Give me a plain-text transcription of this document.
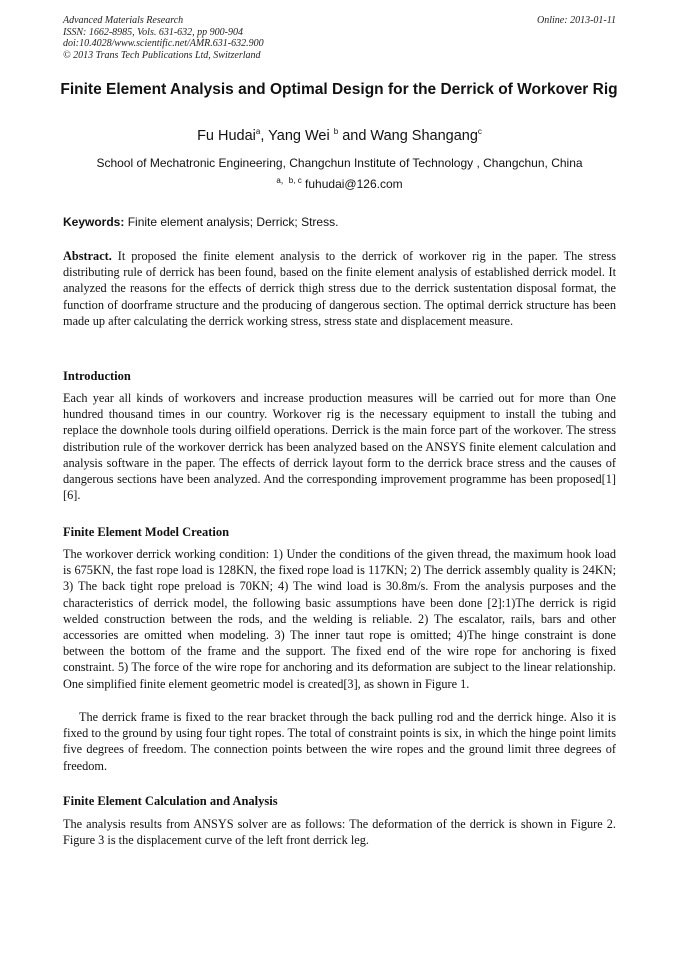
Advanced Materials Research
ISSN: 1662-8985, Vols. 631-632, pp 900-904
doi:10.4028/www.scientific.net/AMR.631-632.900
© 2013 Trans Tech Publications Ltd, Switzerland
Online: 2013-01-11
Finite Element Analysis and Optimal Design for the Derrick of Workover Rig
Fu Hudai$^a$, Yang Wei $^b$ and Wang Shangang$^c$
School of Mechatronic Engineering, Changchun Institute of Technology , Changchun, China
$^{a,b, c}$ fuhudai@126.com
Keywords: Finite element analysis; Derrick; Stress.
Abstract. It proposed the finite element analysis to the derrick of workover rig in the paper. The stress distributing rule of derrick has been found, based on the finite element analysis of established derrick model. It analyzed the reasons for the effects of derrick thigh stress due to the derrick sustentation disposal format, the function of doorframe structure and the producing of dangerous section. The optimal derrick structure has been made up after calculating the derrick working stress, stress state and displacement measure.
Introduction
Each year all kinds of workovers and increase production measures will be carried out for more than One hundred thousand times in our country. Workover rig is the necessary equipment to install the tubing and replace the downhole tools during oilfield operations. Derrick is the main force part of the workover. The stress distribution rule of the workover derrick has been analyzed based on the ANSYS finite element calculation and analysis software in the paper. The effects of derrick layout form to the derrick brace stress and the causes of dangerous sections have been analyzed. And the corresponding improvement programme has been proposed[1][6].
Finite Element Model Creation
The workover derrick working condition: 1) Under the conditions of the given thread, the maximum hook load is 675KN, the fast rope load is 128KN, the fixed rope load is 117KN; 2) The derrick assembly quality is 24KN; 3) The back tight rope preload is 70KN; 4) The wind load is 30.8m/s. From the analysis purposes and the characteristics of derrick model, the following basic assumptions have been done [2]:1)The derrick is rigid welded construction between the rods, and the welding is reliable. 2) The escalator, rails, bars and other accessories are omitted when modeling. 3) The inner taut rope is omitted; 4)The hinge constraint is done between the bottom of the frame and the support. The fixed end of the wire rope for anchoring is fixed constraint. 5) The force of the wire rope for anchoring and its deformation are subject to the linear relationship. One simplified finite element geometric model is created[3], as shown in Figure 1.
The derrick frame is fixed to the rear bracket through the back pulling rod and the derrick hinge. Also it is fixed to the ground by using four tight ropes. The total of constraint points is six, in which the hinge point limits five degrees of freedom. The connection points between the wire ropes and the ground limit three degrees of freedom.
Finite Element Calculation and Analysis
The analysis results from ANSYS solver are as follows: The deformation of the derrick is shown in Figure 2. Figure 3 is the displacement curve of the left front derrick leg.
